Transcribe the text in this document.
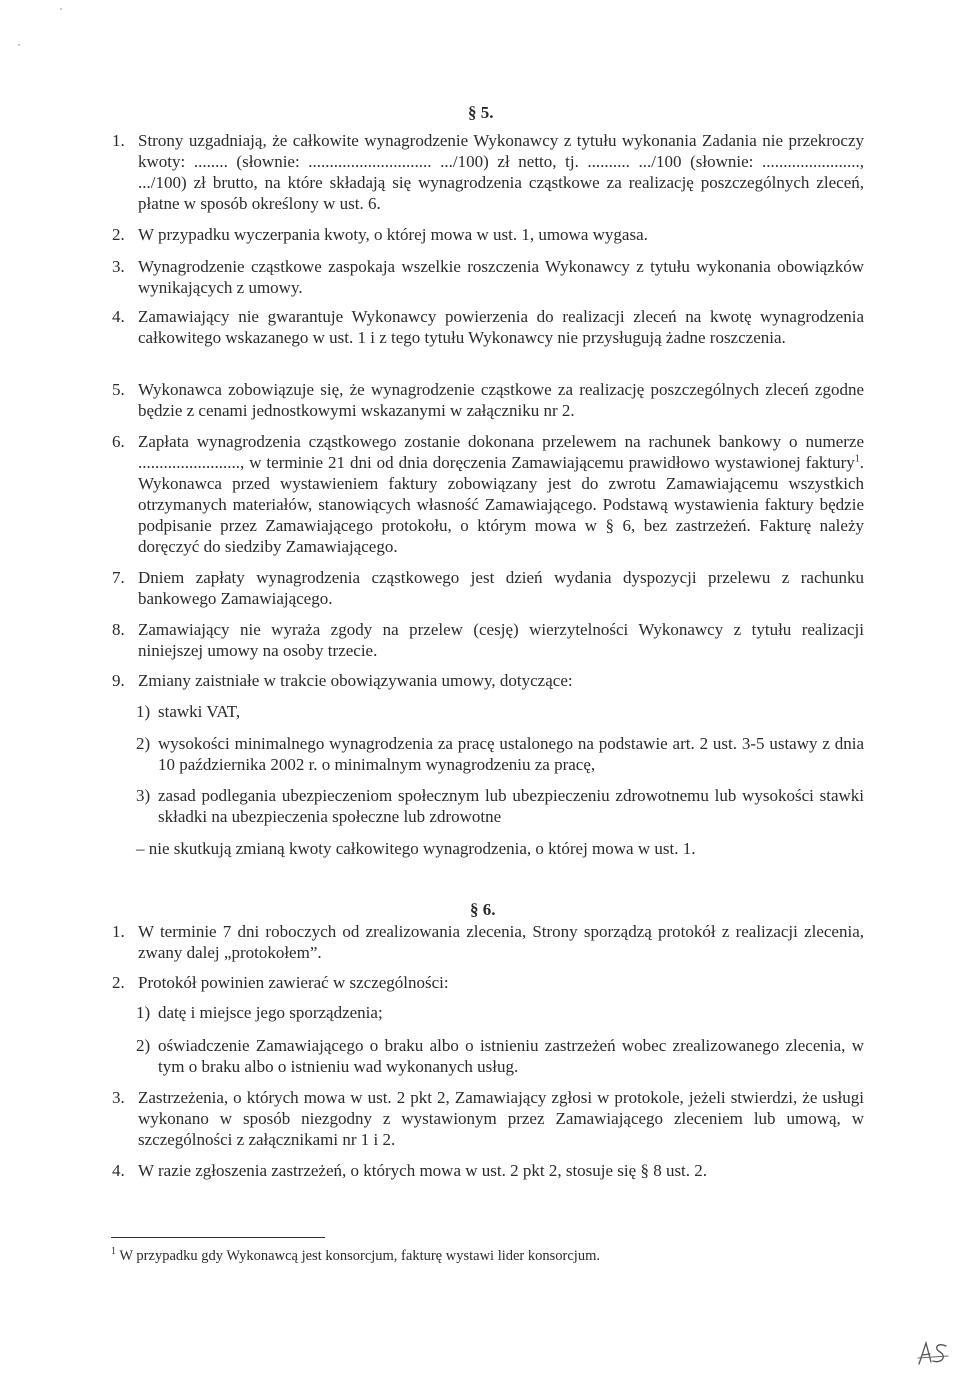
§ 5.
1. Strony uzgadniają, że całkowite wynagrodzenie Wykonawcy z tytułu wykonania Zadania nie przekroczy kwoty: ........ (słownie: ............................. .../100) zł netto, tj. .......... .../100 (słownie: ......................., .../100) zł brutto, na które składają się wynagrodzenia cząstkowe za realizację poszczególnych zleceń, płatne w sposób określony w ust. 6.
2. W przypadku wyczerpania kwoty, o której mowa w ust. 1, umowa wygasa.
3. Wynagrodzenie cząstkowe zaspokaja wszelkie roszczenia Wykonawcy z tytułu wykonania obowiązków wynikających z umowy.
4. Zamawiający nie gwarantuje Wykonawcy powierzenia do realizacji zleceń na kwotę wynagrodzenia całkowitego wskazanego w ust. 1 i z tego tytułu Wykonawcy nie przysługują żadne roszczenia.
5. Wykonawca zobowiązuje się, że wynagrodzenie cząstkowe za realizację poszczególnych zleceń zgodne będzie z cenami jednostkowymi wskazanymi w załączniku nr 2.
6. Zapłata wynagrodzenia cząstkowego zostanie dokonana przelewem na rachunek bankowy o numerze ........................, w terminie 21 dni od dnia doręczenia Zamawiającemu prawidłowo wystawionej faktury$^1$. Wykonawca przed wystawieniem faktury zobowiązany jest do zwrotu Zamawiającemu wszystkich otrzymanych materiałów, stanowiących własność Zamawiającego. Podstawą wystawienia faktury będzie podpisanie przez Zamawiającego protokołu, o którym mowa w § 6, bez zastrzeżeń. Fakturę należy doręczyć do siedziby Zamawiającego.
7. Dniem zapłaty wynagrodzenia cząstkowego jest dzień wydania dyspozycji przelewu z rachunku bankowego Zamawiającego.
8. Zamawiający nie wyraża zgody na przelew (cesję) wierzytelności Wykonawcy z tytułu realizacji niniejszej umowy na osoby trzecie.
9. Zmiany zaistniałe w trakcie obowiązywania umowy, dotyczące:
1) stawki VAT,
2) wysokości minimalnego wynagrodzenia za pracę ustalonego na podstawie art. 2 ust. 3-5 ustawy z dnia 10 października 2002 r. o minimalnym wynagrodzeniu za pracę,
3) zasad podlegania ubezpieczeniom społecznym lub ubezpieczeniu zdrowotnemu lub wysokości stawki składki na ubezpieczenia społeczne lub zdrowotne
– nie skutkują zmianą kwoty całkowitego wynagrodzenia, o której mowa w ust. 1.
§ 6.
1. W terminie 7 dni roboczych od zrealizowania zlecenia, Strony sporządzą protokół z realizacji zlecenia, zwany dalej „protokołem”.
2. Protokół powinien zawierać w szczególności:
1) datę i miejsce jego sporządzenia;
2) oświadczenie Zamawiającego o braku albo o istnieniu zastrzeżeń wobec zrealizowanego zlecenia, w tym o braku albo o istnieniu wad wykonanych usług.
3. Zastrzeżenia, o których mowa w ust. 2 pkt 2, Zamawiający zgłosi w protokole, jeżeli stwierdzi, że usługi wykonano w sposób niezgodny z wystawionym przez Zamawiającego zleceniem lub umową, w szczególności z załącznikami nr 1 i 2.
4. W razie zgłoszenia zastrzeżeń, o których mowa w ust. 2 pkt 2, stosuje się § 8 ust. 2.
$^1$ W przypadku gdy Wykonawcą jest konsorcjum, fakturę wystawi lider konsorcjum.
